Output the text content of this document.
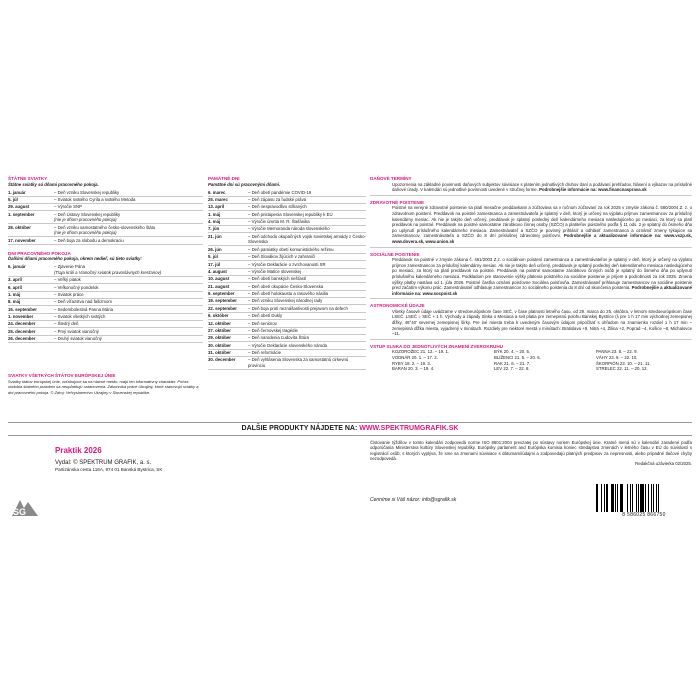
ŠTÁTNE SVIATKY
Štátne sviatky sú dňami pracovného pokoja.
1. január	– Deň vzniku Slovenskej republiky
5. júl	– Sviatok svätého Cyrila a svätého Metoda
29. august	– Výročie SNP
1. september	– Deň Ústavy Slovenskej republiky
(nie je dňom pracovného pokoja)
28. október	– Deň vzniku samostatného česko-slovenského štátu
(nie je dňom pracovného pokoja)
17. november	– Deň boja za slobodu a demokraciu
DNI PRACOVNÉHO POKOJA
Ďalšími dňami pracovného pokoja, okrem nedieľ, sú tieto sviatky:
6. január	– Zjavenie Pána
(Traja králi a Vianočný sviatok pravoslávnych kresťanov)
3. apríl	– Veľký piatok
6. apríl	– Veľkonočný pondelok
1. máj	– Sviatok práce
8. máj	– Deň víťazstva nad fašizmom
15. september	– Sedembolestná Panna Mária
1. november	– Sviatok všetkých svätých
24. december	– Štedrý deň
25. december	– Prvý sviatok vianočný
26. december	– Druhý sviatok vianočný
SVIATKY VŠETKÝCH ŠTÁTOV EURÓPSKEJ ÚNIE
Sviatky štátov európskej únie, vzťahujúce sa na hlavné mesto, majú len informatívny charakter. Počas obdobia štatného prázdnin sa neupľatňujú ustanovenia. Zákonníka práce Ukrajiny, ktoré stanovujú sviatky a dni pracovného pokoja. © Zdroj: Veľvyslanectvo Ukrajiny v Slovenskej republike.
PAMÄTNÉ DNI
Pamätné dni sú pracovnými dňami.
6. marec	– Deň obetí pandémie COVID-19
25. marec	– Deň zápasu za ľudské práva
13. apríl	– Deň nespravodlivo stíhaných
1. máj	– Deň pristúpenia Slovenskej republiky k EÚ
4. máj	– Výročie úmrtia M. R. Štefánika
7. jún	– Výročie Memoranda národa slovenského
21. jún	– Deň odchodu okupačných vojsk sovietskej armády z Česko-Slovenska
26. jún	– Deň pamiatky obetí komunistického režimu
5. júl	– Deň Slovákov žijúcich v zahraničí
17. júl	– Výročie Deklarácie o zvrchovanosti SR
4. august	– Výročie Matice slovenskej
10. august	– Deň obetí banských nešťastí
21. august	– Deň obetí okupácie Česko-Slovenska
9. september	– Deň obetí holokaustu a rasového násilia
19. september	– Deň vzniku Slovenskej národnej rady
22. september	– Deň boja proti neznášanlivosti prejavom na defech
6. október	– Deň obetí Dukly
12. október	– Deň seniorov
27. október	– Deň černovskej tragédie
29. október	– Deň narodenia Ľudovíta Štúra
30. október	– Výročie Deklarácie slovenského národa
31. október	– Deň reformácie
30. december	– Deň vyhlásenia Slovenska za samostatnú cirkevnú provinciu
DAŇOVÉ TERMÍNY
Upozornenia na základné povinnosti daňových subjektov súvisiace s platením jednotlivých druhov daní a podávaní prehľadov, hlásení a výkazov na príslušné daňové úrady. V kalendári sú jednotlivé povinnosti uvedené v stručnej forme. Podrobnejšie informácie na: www.financnasprava.sk
ZDRAVOTNÉ POISTENIE
Poistné na verejné zdravotné poistenie sa platí mesačne preddavkami a zúčtováva sa v ročnom zúčtovaní za rok 2025 v zmysle zákona č. 580/2004 Z. z. o zdravotnom poistení. Preddavok na poistné zamestnanca a zamestnávateľa je splatný v deň, ktorý je určený na výplatu príjmov zamestnancov za príslušný kalendárny mesiac. Ak nie je takýto deň určený, preddavok je splatný posledný deň kalendárneho mesiaca nasledujúceho po mesiaci, za ktorý sa platí preddavok na poistné. Preddavok na poistné samostatne zárobkovo činnej osoby (SZČO) a platiteľov poistného podľa § 11 ods. 2 je splatný do ôsmeho dňa po uplynutí príslušného kalendárneho mesiaca. Zamestnávateľ a SZČO je povinný prihlásiť a odhlásiť zamestnanca a oznámiť zmeny týkajúce sa zamestnancov, zamestnávateľa a SZČO do 8 dní príslušnej zdravotnej poisťovni. Podrobnejšie a aktualizované informácie na: www.vszp.sk, www.dovera.sk, www.union.sk
SOCIÁLNE POISTENIE
Preddavok na poistné v zmysle zákona č. 461/2003 Z.z. o sociálnom poistení zamestnanca a zamestnávateľov je splatný v deň, ktorý je určený na výplatu príjmov zamestnancov za príslušný kalendárny mesiac. Ak nie je takýto deň určený, preddavok je splatný posledný deň kalendárneho mesiaca nasledujúceho po mesiaci, za ktorý sa platí preddavok na poistné. Preddavok na poistné samostatne zárobkovo činných osôb je splatný do ôsmeho dňa po uplynutí príslušného kalendárneho mesiaca. Podkladom pre stanovenie výšky platenia poistného na sociálne poistenie je príjem a podrobnosti za rok 2025. Zmena výšky platby nastáva od 1. júla 2026. Poistné časťka oznámi poisťovne Sociálna poisťovňa. Zamestnávateľ prihlasuje zamestnancov na sociálne poistenie pred začatím výkonu prác. Zamestnávateľ odhlasuje zamestnancov zo sociálneho poistenia do 8 dní od skončenia poistenia. Podrobnejšie a aktualizované informácie na: www.socpoist.sk
ASTRONOMICKÉ ÚDAJE
Všetky časové údaje uvádzame v stredoeurópskom čase SEČ, v čase platnosti letného času, od 29. marca do 25. októbra, v letnom stredoeurópskom čase LSEČ. LSEČ = SEČ + 1 h. Východy a západy Slnka o Mesiaca a svit platia pre zemepisnú polohu Banskej Bystrice (λ pre 1 h 17 min východnej zemepisnej dĺžky, 48°40' severnej zemepisnej šírky. Pre iné miesta treba k uvedeným časovým údajom pripočítať s ohľadom na znamienko rozdiel 1 h 17 min – zemepisná dĺžka miesta, vyjadrený v minútach. Rozdiely pre niektoré mestá v minútach: Bratislava +9, Nitra +4, Žilina +2, Poprad –4, Košice –8, Michalovce –11.
VSTUP SLNKA DO JEDNOTLIVÝCH ZNAMENÍ ZVEROKRUHU
KOZOROŽEC 21. 12. – 19. 1.	BÝK 20. 4. – 20. 5.	PANNA 23. 8. – 22. 9.
VODNÁR 20. 1. – 17. 2.	BLÍŽENCI 21. 5. – 20. 6.	VÁHY 23. 9. – 22. 10.
RYBY 18. 2. – 19. 3.	RAK 21. 6. – 21. 7.	ŠKORPIÓN 23. 10. – 21. 11.
BARAN 20. 3. – 19. 4.	LEV 22. 7. – 22. 8.	STRELEC 22. 11. – 20. 12.
DALŠIE PRODUKTY NÁJDETE NA: WWW.SPEKTRUMGRAFIK.SK
SG
Praktik 2026
Vydal: © SPEKTRUM GRAFIK, a. s.
Partizánska cesta 116A, 974 01 Banská Bystrica, SK
Čistovanie týždňov v tomto kalendári zodpovedá norme ISO 8601:2004 prevzatej po sústavy noriem Európskej únie. Kratné mená sú v kalendári zaradené podľa odporúčania Ministerstva kultúry Slovenskej republiky. Európsky parlament and Európska komisia koniec stredajstva zmenách v letného času v EÚ do súvislostí s registrácií osôb, s ktorých vyplýva, že sme sa zmenami súvisiace s dátumami/údajmi a zodpovedajú platných predpisov za nepresnosti, alebo prípadné tlačové chyby nezodpovedá.
Redakčná uzávierka 02/2025.
Cenníme si Váš názor: info@sgrafik.sk
8 586025 866750
